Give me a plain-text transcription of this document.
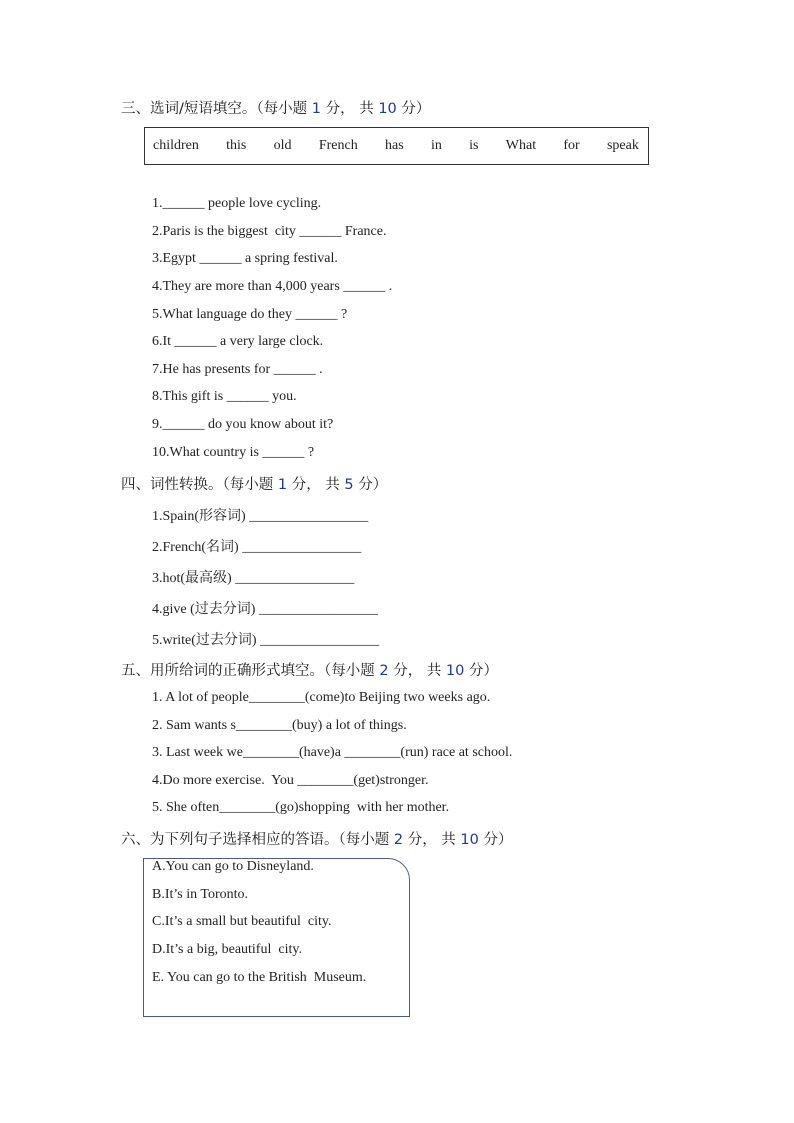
三、选词/短语填空。（每小题 1 分， 共 10 分）
children this old French has in is What for speak
1.______ people love cycling.
2.Paris is the biggest  city ______ France.
3.Egypt ______ a spring festival.
4.They are more than 4,000 years ______ .
5.What language do they ______ ?
6.It ______ a very large clock.
7.He has presents for ______ .
8.This gift is ______ you.
9.______ do you know about it?
10.What country is ______ ?
四、词性转换。（每小题 1 分， 共 5 分）
1.Spain(形容词) _________________
2.French(名词) _________________
3.hot(最高级) _________________
4.give (过去分词) _________________
5.write(过去分词) _________________
五、用所给词的正确形式填空。（每小题 2 分， 共 10 分）
1. A lot of people________(come)to Beijing two weeks ago.
2. Sam wants s________(buy) a lot of things.
3. Last week we________(have)a ________(run) race at school.
4.Do more exercise.  You ________(get)stronger.
5. She often________(go)shopping  with her mother.
六、为下列句子选择相应的答语。（每小题 2 分， 共 10 分）
A.You can go to Disneyland.
B.It’s in Toronto.
C.It’s a small but beautiful  city.
D.It’s a big, beautiful  city.
E. You can go to the British  Museum.
